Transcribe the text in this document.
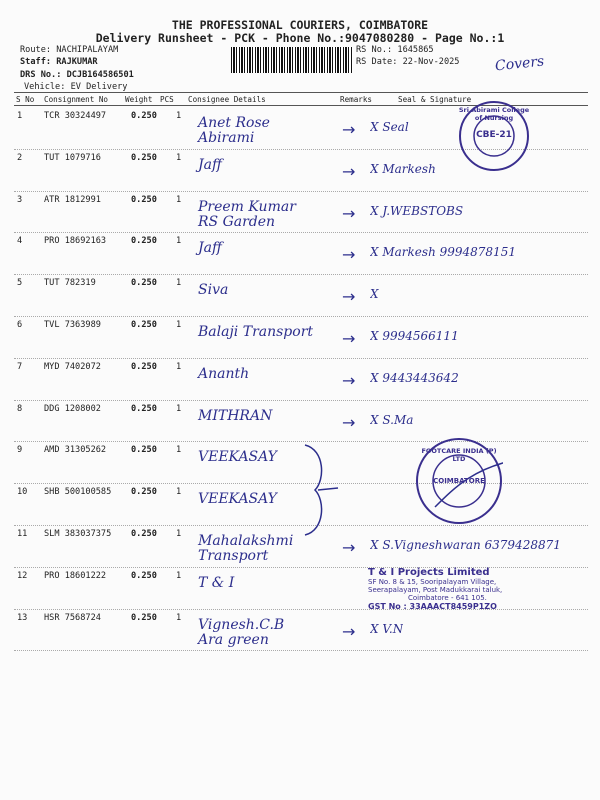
THE PROFESSIONAL COURIERS, COIMBATORE
Delivery Runsheet - PCK - Phone No.:9047080280 - Page No.:1
Route: NACHIPALAYAM
Staff: RAJKUMAR
DRS No.: DCJB164586501
Vehicle: EV Delivery
RS No.: 1645865
RS Date: 22-Nov-2025 Covers
S No Consignment No Weight PCS Consignee Details	Remarks	Seal & Signature
1	TCR 30324497	0.250 1 Anet Rose
Abirami	→ X Seal
2	TUT 1079716	0.250 1 Jaff	→ X Markesh
3	ATR 1812991	0.250 1 Preem Kumar
RS Garden	→ X J.WEBSTOBS
4	PRO 18692163	0.250 1 Jaff	→ X Markesh 9994878151
5	TUT 782319	0.250 1 Siva	→ X
6	TVL 7363989	0.250 1 Balaji Transport	→ X 9994566111
7	MYD 7402072	0.250 1 Ananth	→ X 9443443642
8	DDG 1208002	0.250 1 MITHRAN	→ X S.Ma
9	AMD 31305262	0.250 1 VEEKASAY
10 SHB 500100585 0.250 1 VEEKASAY
11 SLM 383037375 0.250 1 Mahalakshmi
Transport	→ X S.Vigneshwaran 6379428871
12 PRO 18601222	0.250 1 T & I
13 HSR 7568724	0.250 1 Vignesh.C.B
Ara green	→ X V.N
Sri Abirami College of Nursing
CBE-21
FOOTCARE INDIA (P) LTD
COIMBATORE
T & I Projects Limited
SF No. 8 & 15, Sooripalayam Village,
Seerapalayam, Post Madukkarai taluk,
Coimbatore - 641 105.
GST No : 33AAACT8459P1ZO
